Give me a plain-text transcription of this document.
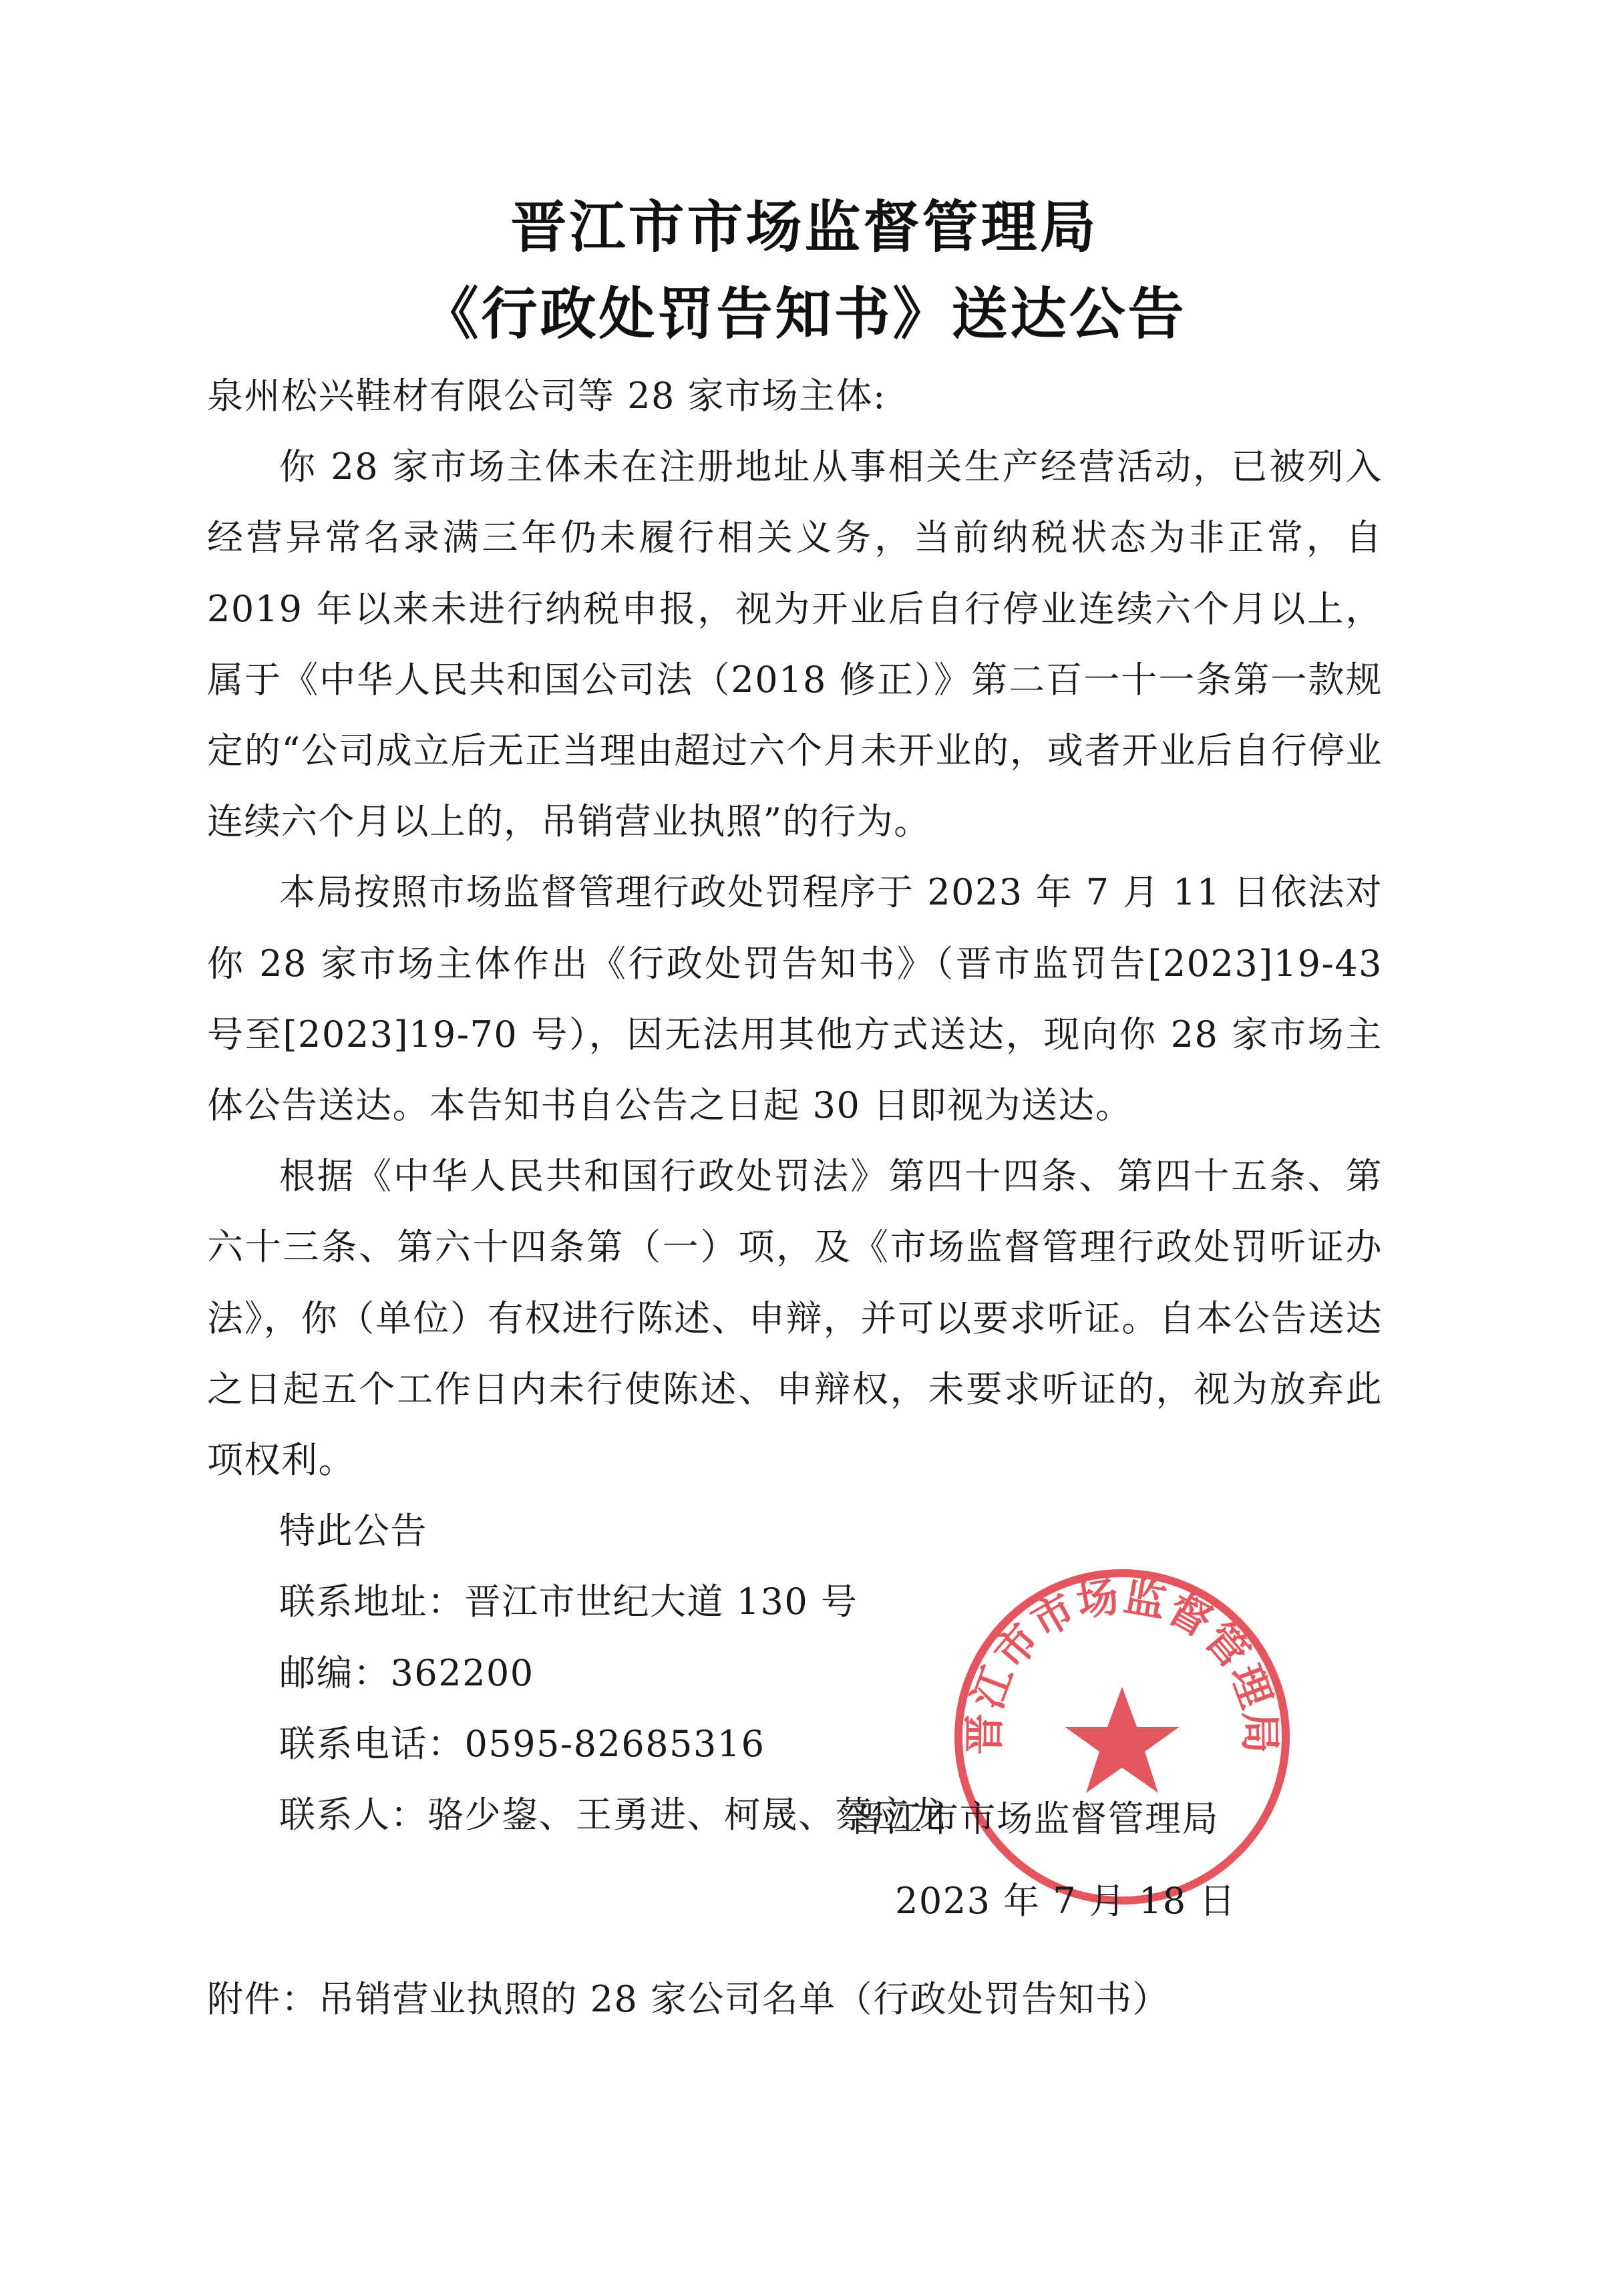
晋江市市场监督管理局
《行政处罚告知书》送达公告

泉州松兴鞋材有限公司等 28 家市场主体:

你 28 家市场主体未在注册地址从事相关生产经营活动，已被列入经营异常名录满三年仍未履行相关义务，当前纳税状态为非正常，自 2019 年以来未进行纳税申报，视为开业后自行停业连续六个月以上，属于《中华人民共和国公司法（2018 修正）》第二百一十一条第一款规定的“公司成立后无正当理由超过六个月未开业的，或者开业后自行停业连续六个月以上的，吊销营业执照”的行为。

本局按照市场监督管理行政处罚程序于 2023 年 7 月 11 日依法对你 28 家市场主体作出《行政处罚告知书》（晋市监罚告[2023]19-43 号至[2023]19-70 号），因无法用其他方式送达，现向你 28 家市场主体公告送达。本告知书自公告之日起 30 日即视为送达。

根据《中华人民共和国行政处罚法》第四十四条、第四十五条、第六十三条、第六十四条第（一）项，及《市场监督管理行政处罚听证办法》，你（单位）有权进行陈述、申辩，并可以要求听证。自本公告送达之日起五个工作日内未行使陈述、申辩权，未要求听证的，视为放弃此项权利。

特此公告

联系地址：晋江市世纪大道 130 号

邮编：362200

联系电话：0595-82685316

联系人：骆少鋆、王勇进、柯晟、蔡应龙

晋江市市场监督管理局
晋江市市场监督管理局
2023 年 7 月 18 日
附件：吊销营业执照的 28 家公司名单（行政处罚告知书）
